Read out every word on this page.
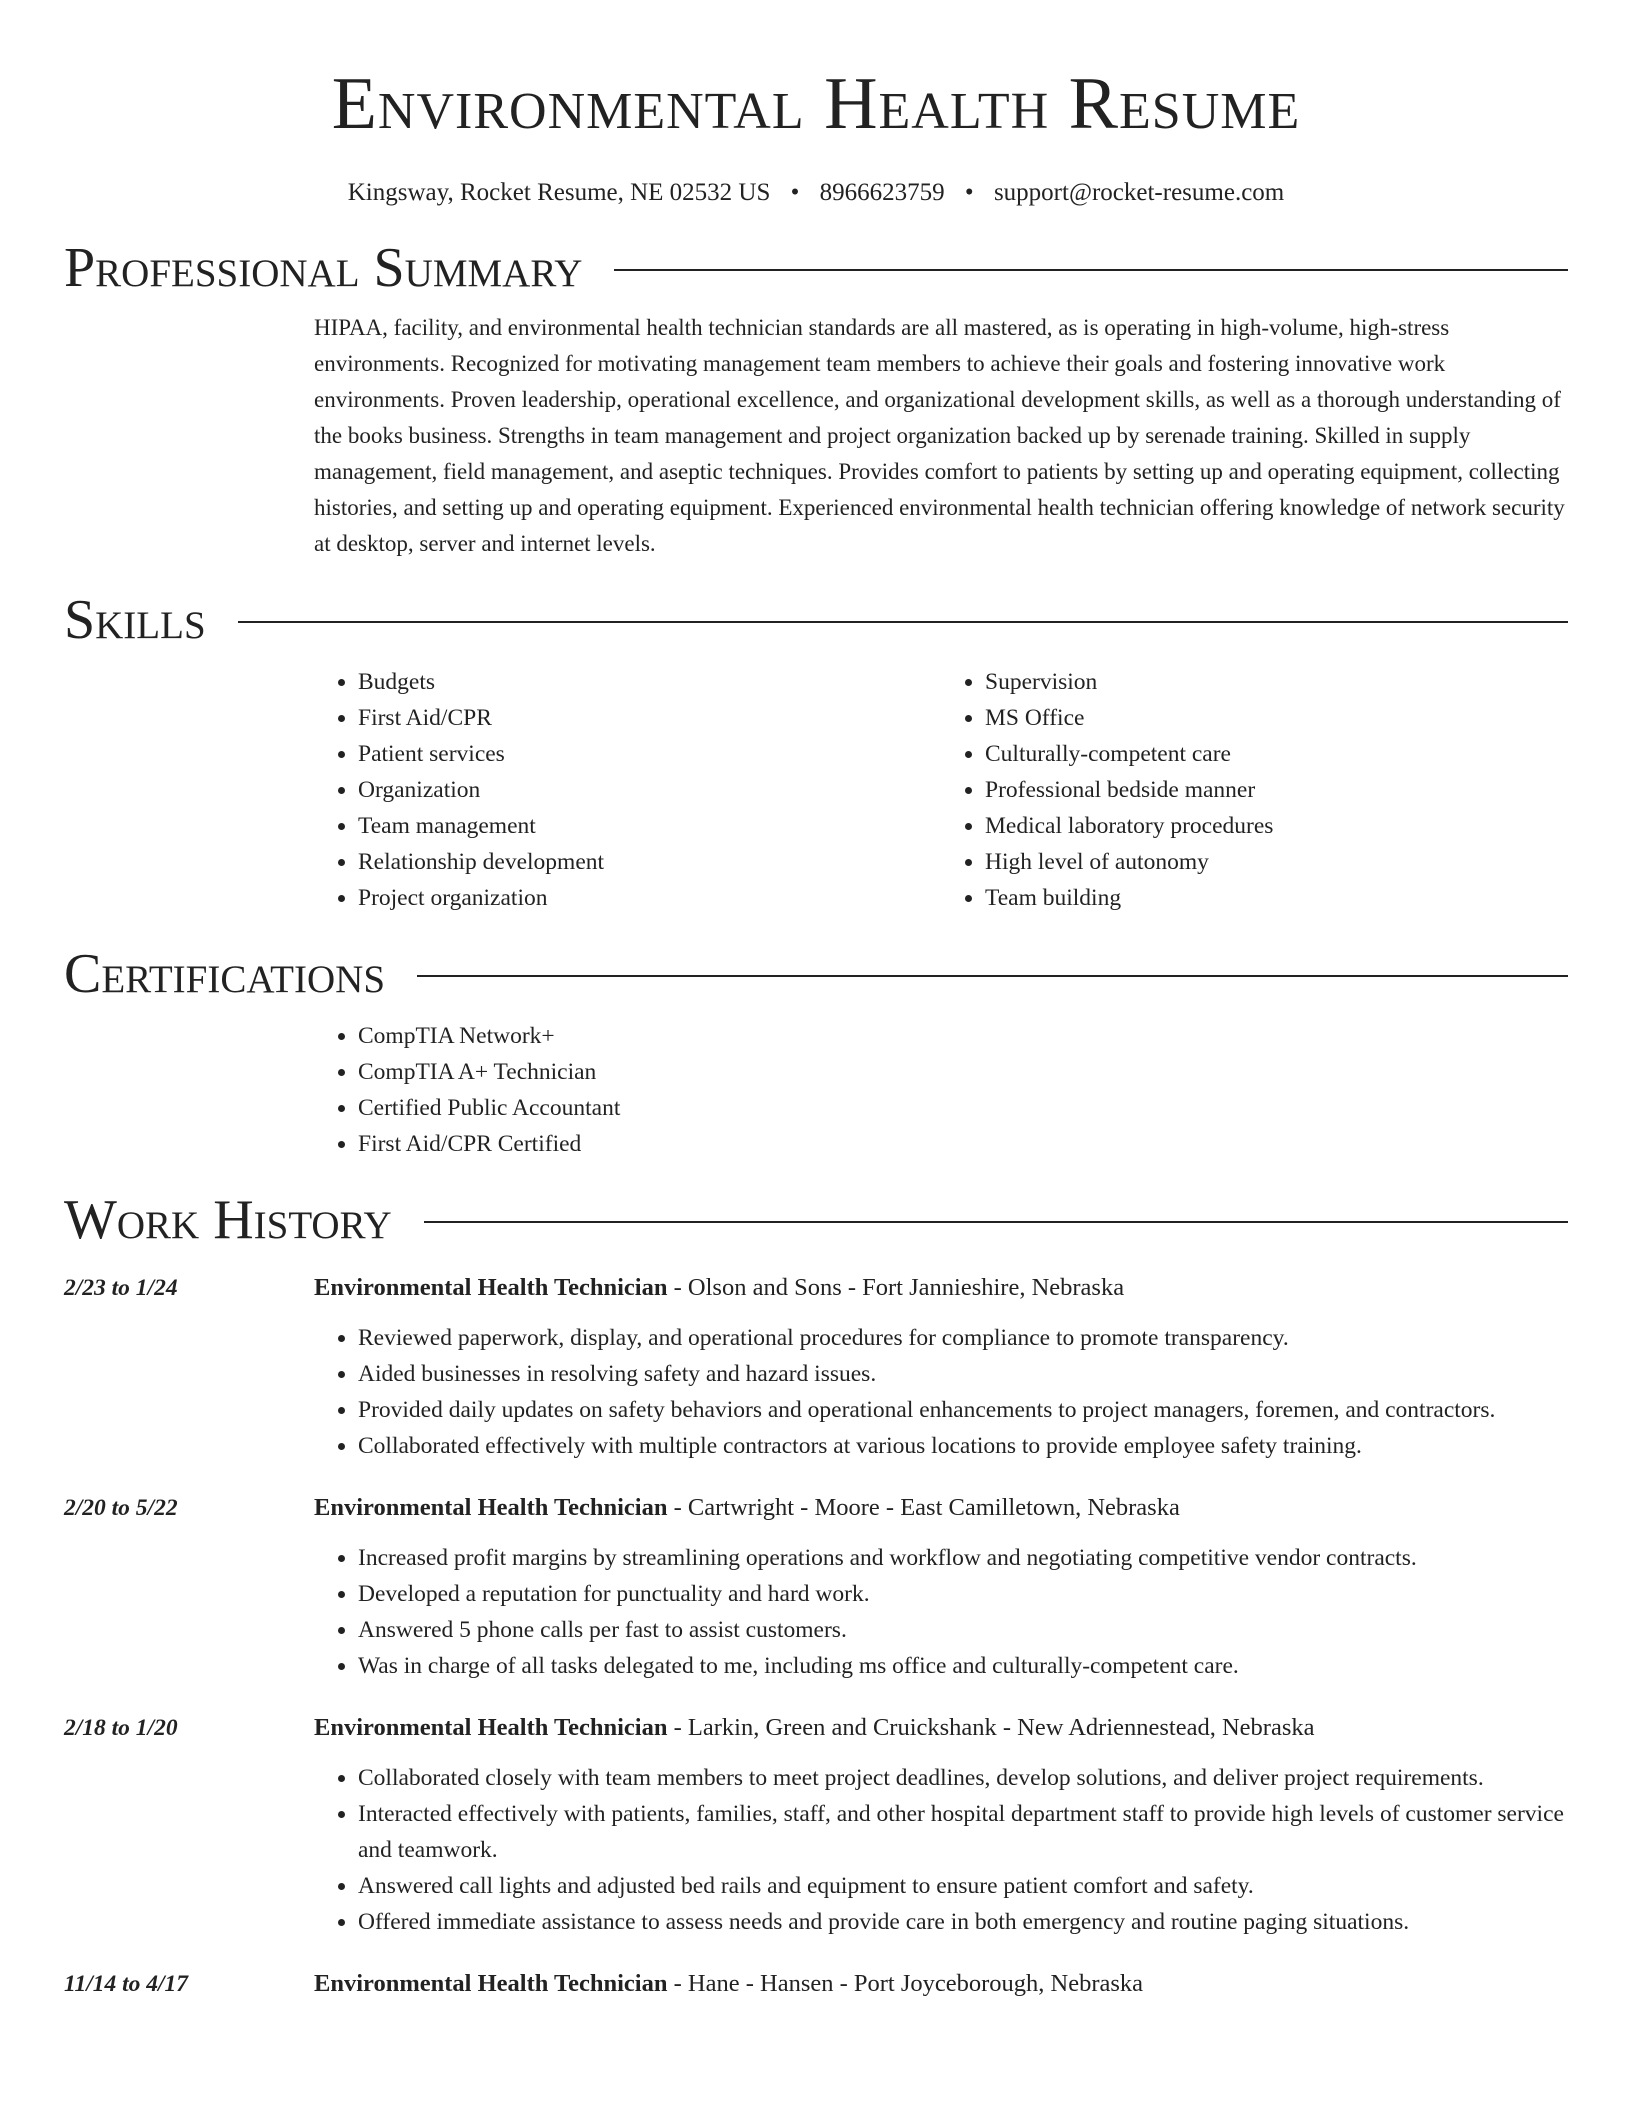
Environmental Health Resume
Kingsway, Rocket Resume, NE 02532 US • 8966623759 • support@rocket-resume.com
Professional Summary
HIPAA, facility, and environmental health technician standards are all mastered, as is operating in high-volume, high-stress environments. Recognized for motivating management team members to achieve their goals and fostering innovative work environments. Proven leadership, operational excellence, and organizational development skills, as well as a thorough understanding of the books business. Strengths in team management and project organization backed up by serenade training. Skilled in supply management, field management, and aseptic techniques. Provides comfort to patients by setting up and operating equipment, collecting histories, and setting up and operating equipment. Experienced environmental health technician offering knowledge of network security at desktop, server and internet levels.
Skills
• Budgets
• First Aid/CPR
• Patient services
• Organization
• Team management
• Relationship development
• Project organization
• Supervision
• MS Office
• Culturally-competent care
• Professional bedside manner
• Medical laboratory procedures
• High level of autonomy
• Team building
Certifications
• CompTIA Network+
• CompTIA A+ Technician
• Certified Public Accountant
• First Aid/CPR Certified
Work History
2/23 to 1/24	Environmental Health Technician - Olson and Sons - Fort Jannieshire, Nebraska
• Reviewed paperwork, display, and operational procedures for compliance to promote transparency.
• Aided businesses in resolving safety and hazard issues.
• Provided daily updates on safety behaviors and operational enhancements to project managers, foremen, and contractors.
• Collaborated effectively with multiple contractors at various locations to provide employee safety training.
2/20 to 5/22	Environmental Health Technician - Cartwright - Moore - East Camilletown, Nebraska
• Increased profit margins by streamlining operations and workflow and negotiating competitive vendor contracts.
• Developed a reputation for punctuality and hard work.
• Answered 5 phone calls per fast to assist customers.
• Was in charge of all tasks delegated to me, including ms office and culturally-competent care.
2/18 to 1/20	Environmental Health Technician - Larkin, Green and Cruickshank - New Adriennestead, Nebraska
• Collaborated closely with team members to meet project deadlines, develop solutions, and deliver project requirements.
• Interacted effectively with patients, families, staff, and other hospital department staff to provide high levels of customer service and teamwork.
• Answered call lights and adjusted bed rails and equipment to ensure patient comfort and safety.
• Offered immediate assistance to assess needs and provide care in both emergency and routine paging situations.
11/14 to 4/17	Environmental Health Technician - Hane - Hansen - Port Joyceborough, Nebraska
